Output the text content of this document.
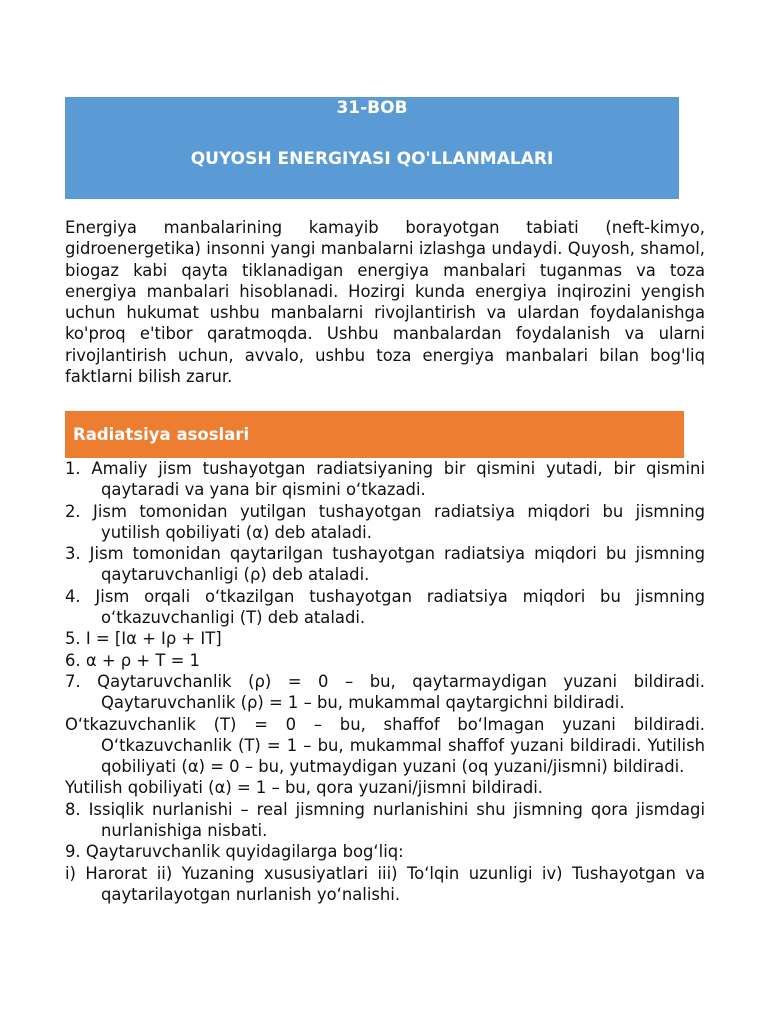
31-BOB
QUYOSH ENERGIYASI QO'LLANMALARI

Energiya manbalarining kamayib borayotgan tabiati (neft-kimyo, gidroenergetika) insonni yangi manbalarni izlashga undaydi. Quyosh, shamol, biogaz kabi qayta tiklanadigan energiya manbalari tuganmas va toza energiya manbalari hisoblanadi. Hozirgi kunda energiya inqirozini yengish uchun hukumat ushbu manbalarni rivojlantirish va ulardan foydalanishga ko'proq e'tibor qaratmoqda. Ushbu manbalardan foydalanish va ularni rivojlantirish uchun, avvalo, ushbu toza energiya manbalari bilan bog'liq faktlarni bilish zarur.

Radiatsiya asoslari

1. Amaliy jism tushayotgan radiatsiyaning bir qismini yutadi, bir qismini qaytaradi va yana bir qismini o‘tkazadi.

2. Jism tomonidan yutilgan tushayotgan radiatsiya miqdori bu jismning yutilish qobiliyati (α) deb ataladi.

3. Jism tomonidan qaytarilgan tushayotgan radiatsiya miqdori bu jismning qaytaruvchanligi (ρ) deb ataladi.

4. Jism orqali o‘tkazilgan tushayotgan radiatsiya miqdori bu jismning o‘tkazuvchanligi (T) deb ataladi.

5. I = [Iα + Iρ + IT]

6. α + ρ + T = 1

7. Qaytaruvchanlik (ρ) = 0 – bu, qaytarmaydigan yuzani bildiradi. Qaytaruvchanlik (ρ) = 1 – bu, mukammal qaytargichni bildiradi.

O‘tkazuvchanlik (T) = 0 – bu, shaffof bo‘lmagan yuzani bildiradi. O‘tkazuvchanlik (T) = 1 – bu, mukammal shaffof yuzani bildiradi. Yutilish qobiliyati (α) = 0 – bu, yutmaydigan yuzani (oq yuzani/jismni) bildiradi.

Yutilish qobiliyati (α) = 1 – bu, qora yuzani/jismni bildiradi.

8. Issiqlik nurlanishi – real jismning nurlanishini shu jismning qora jismdagi nurlanishiga nisbati.

9. Qaytaruvchanlik quyidagilarga bog‘liq:

i) Harorat ii) Yuzaning xususiyatlari iii) To‘lqin uzunligi iv) Tushayotgan va qaytarilayotgan nurlanish yo‘nalishi.
